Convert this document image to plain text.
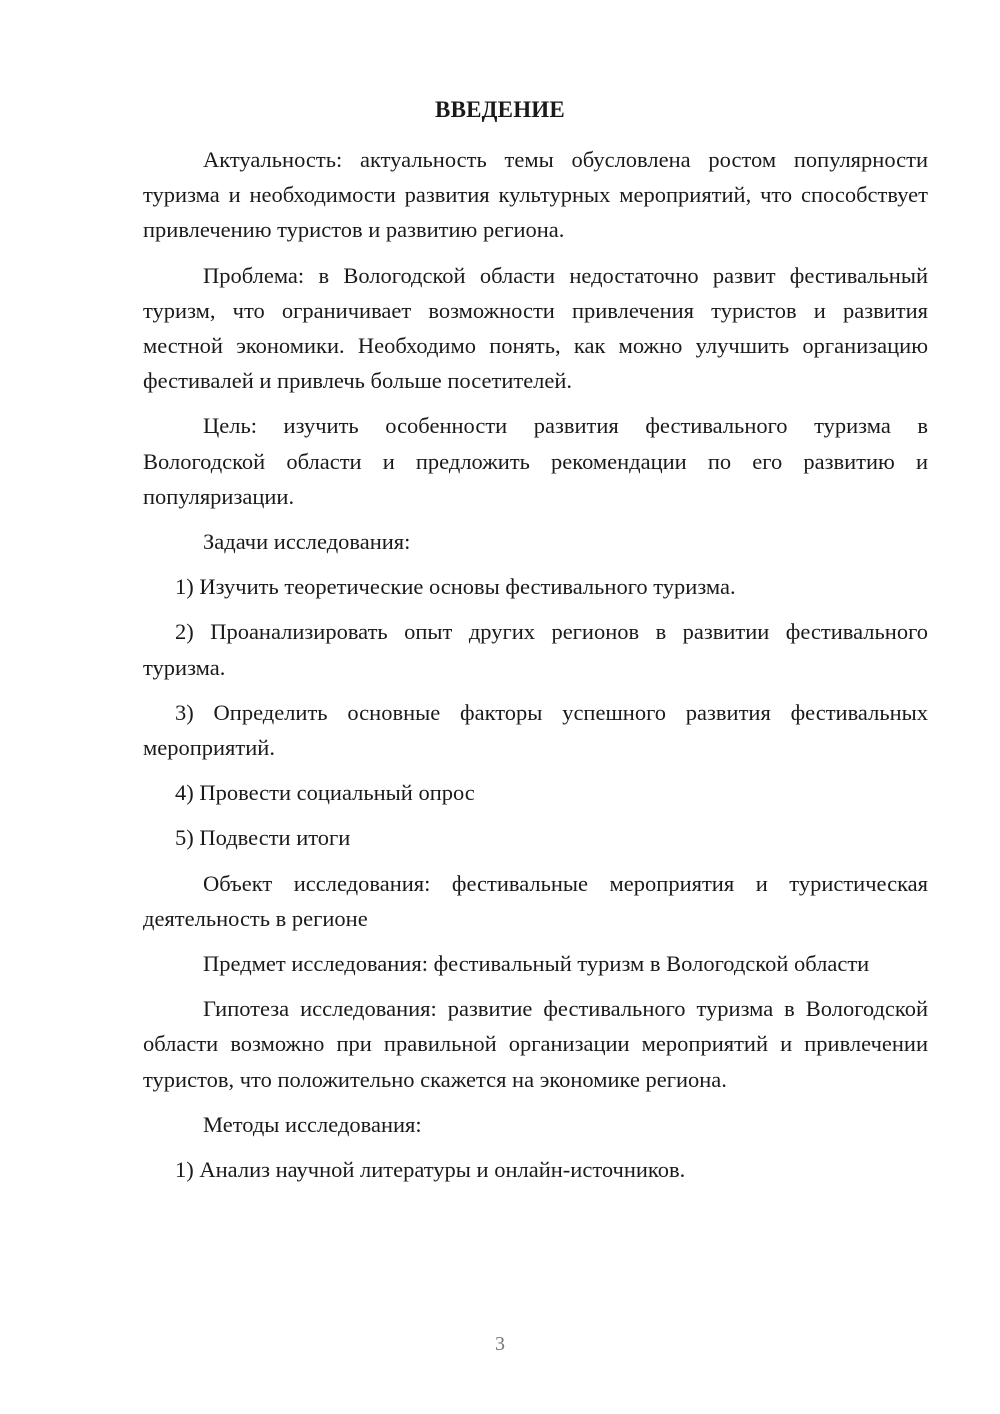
ВВЕДЕНИЕ

Актуальность: актуальность темы обусловлена ростом популярности туризма и необходимости развития культурных мероприятий, что способствует привлечению туристов и развитию региона.

Проблема: в Вологодской области недостаточно развит фестивальный туризм, что ограничивает возможности привлечения туристов и развития местной экономики. Необходимо понять, как можно улучшить организацию фестивалей и привлечь больше посетителей.

Цель: изучить особенности развития фестивального туризма в Вологодской области и предложить рекомендации по его развитию и популяризации.

Задачи исследования:

1) Изучить теоретические основы фестивального туризма.

2) Проанализировать опыт других регионов в развитии фестивального туризма.

3) Определить основные факторы успешного развития фестивальных мероприятий.

4) Провести социальный опрос

5) Подвести итоги

Объект исследования: фестивальные мероприятия и туристическая деятельность в регионе

Предмет исследования: фестивальный туризм в Вологодской области

Гипотеза исследования: развитие фестивального туризма в Вологодской области возможно при правильной организации мероприятий и привлечении туристов, что положительно скажется на экономике региона.

Методы исследования:

1) Анализ научной литературы и онлайн-источников.

3
